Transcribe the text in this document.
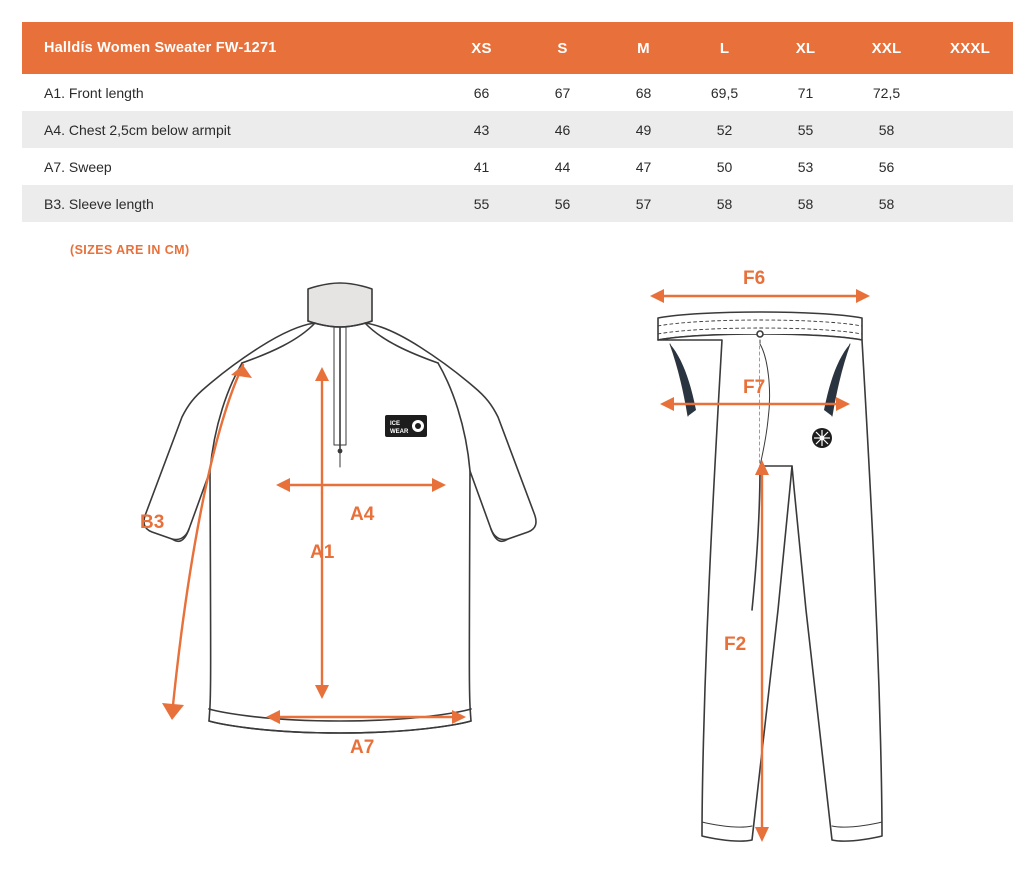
Halldís Women Sweater FW-1271		XS	S	M	L	XL	XXL	XXXL
A1. Front length		66	67	68	69,5	71	72,5	
A4. Chest 2,5cm below armpit		43	46	49	52	55	58	
A7. Sweep		41	44	47	50	53	56	
B3. Sleeve length		55	56	57	58	58	58	
(SIZES ARE IN CM)
ICE
WEAR
B3	A4
A1
A7
F6
F7
F2
